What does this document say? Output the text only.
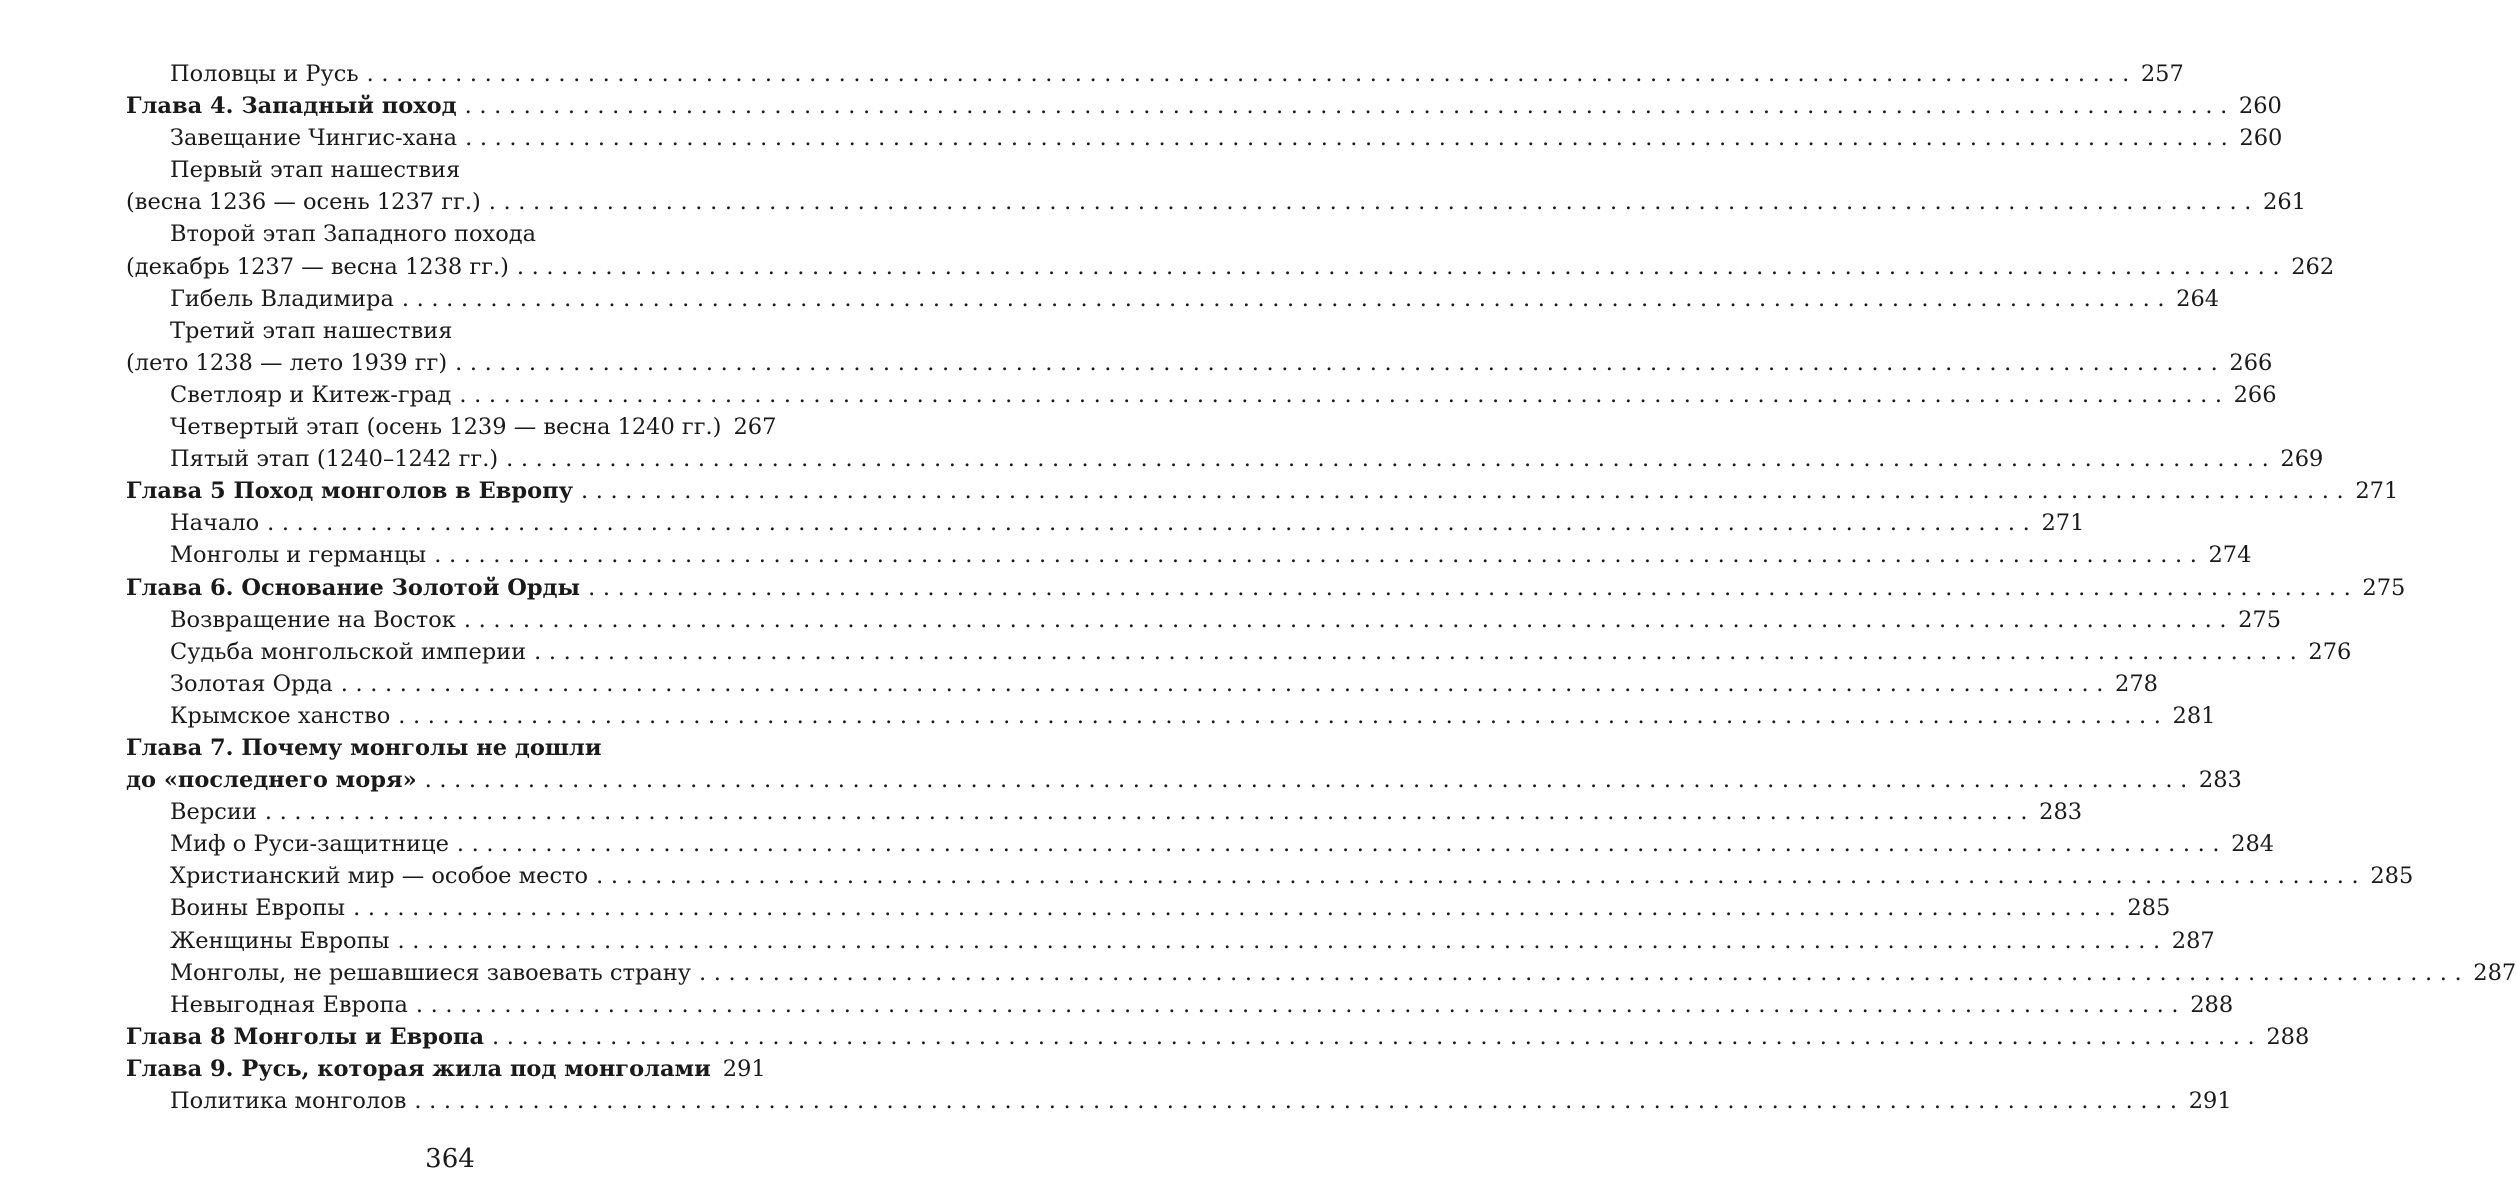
Половцы и Русь ........................................................................................................................ 257
Глава 4. Западный поход ........................................................................................................................ 260
Завещание Чингис-хана ........................................................................................................................ 260
Первый этап нашествия
(весна 1236 — осень 1237 гг.) ........................................................................................................................ 261
Второй этап Западного похода
(декабрь 1237 — весна 1238 гг.) ........................................................................................................................ 262
Гибель Владимира ........................................................................................................................ 264
Третий этап нашествия
(лето 1238 — лето 1939 гг) ........................................................................................................................ 266
Светлояр и Китеж-град ........................................................................................................................ 266
Четвертый этап (осень 1239 — весна 1240 гг.) 267
Пятый этап (1240–1242 гг.) ........................................................................................................................ 269
Глава 5 Поход монголов в Европу ........................................................................................................................ 271
Начало ........................................................................................................................ 271
Монголы и германцы ........................................................................................................................ 274
Глава 6. Основание Золотой Орды ........................................................................................................................ 275
Возвращение на Восток ........................................................................................................................ 275
Судьба монгольской империи ........................................................................................................................ 276
Золотая Орда ........................................................................................................................ 278
Крымское ханство ........................................................................................................................ 281
Глава 7. Почему монголы не дошли
до «последнего моря» ........................................................................................................................ 283
Версии ........................................................................................................................ 283
Миф о Руси-защитнице ........................................................................................................................ 284
Христианский мир — особое место ........................................................................................................................ 285
Воины Европы ........................................................................................................................ 285
Женщины Европы ........................................................................................................................ 287
Монголы, не решавшиеся завоевать страну ........................................................................................................................ 287
Невыгодная Европа ........................................................................................................................ 288
Глава 8 Монголы и Европа ........................................................................................................................ 288
Глава 9. Русь, которая жила под монголами 291
Политика монголов ........................................................................................................................ 291
364
